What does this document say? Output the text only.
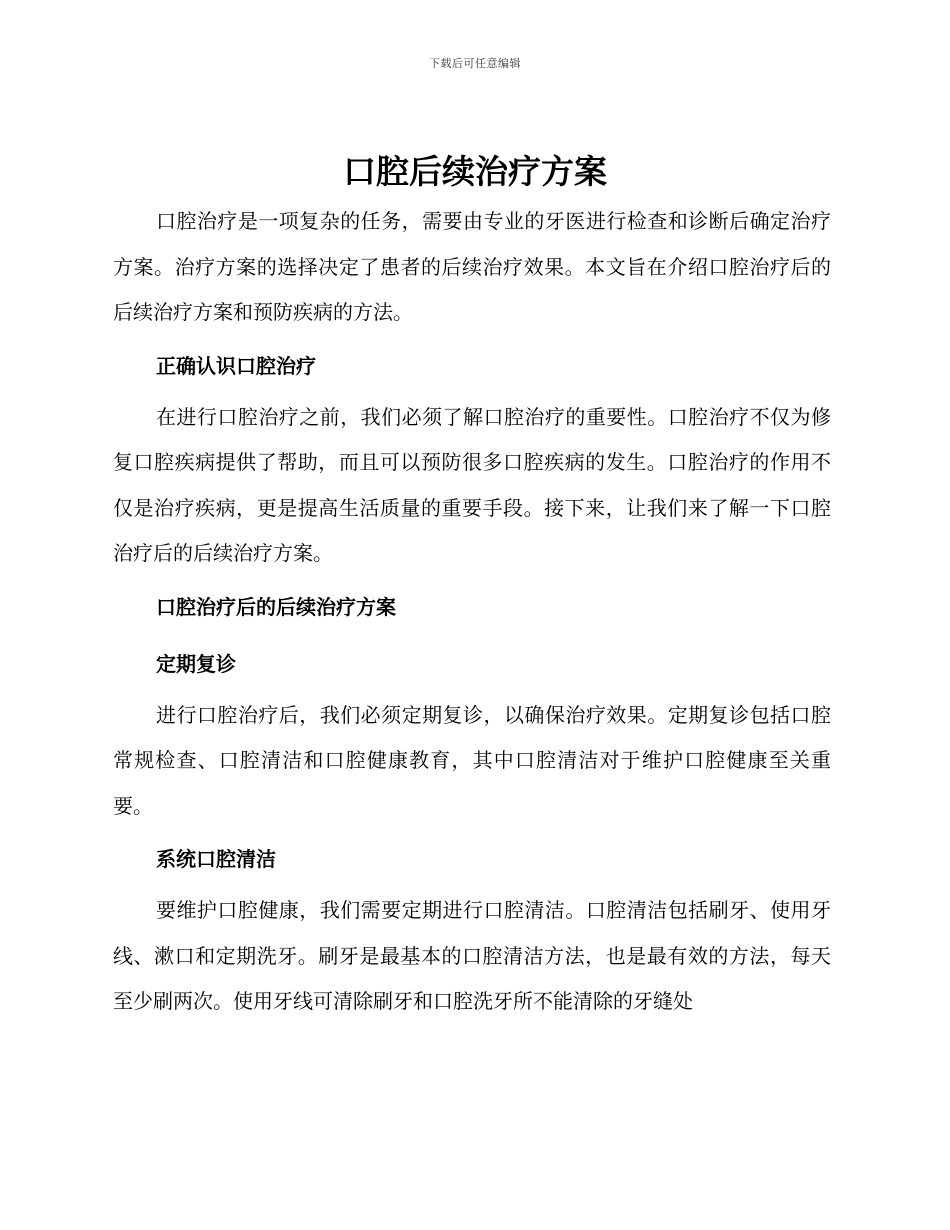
下载后可任意编辑
口腔后续治疗方案

口腔治疗是一项复杂的任务，需要由专业的牙医进行检查和诊断后确定治疗方案。治疗方案的选择决定了患者的后续治疗效果。本文旨在介绍口腔治疗后的后续治疗方案和预防疾病的方法。

正确认识口腔治疗

在进行口腔治疗之前，我们必须了解口腔治疗的重要性。口腔治疗不仅为修复口腔疾病提供了帮助，而且可以预防很多口腔疾病的发生。口腔治疗的作用不仅是治疗疾病，更是提高生活质量的重要手段。接下来，让我们来了解一下口腔治疗后的后续治疗方案。

口腔治疗后的后续治疗方案
定期复诊

进行口腔治疗后，我们必须定期复诊，以确保治疗效果。定期复诊包括口腔常规检查、口腔清洁和口腔健康教育，其中口腔清洁对于维护口腔健康至关重要。

系统口腔清洁

要维护口腔健康，我们需要定期进行口腔清洁。口腔清洁包括刷牙、使用牙线、漱口和定期洗牙。刷牙是最基本的口腔清洁方法，也是最有效的方法，每天至少刷两次。使用牙线可清除刷牙和口腔洗牙所不能清除的牙缝处
